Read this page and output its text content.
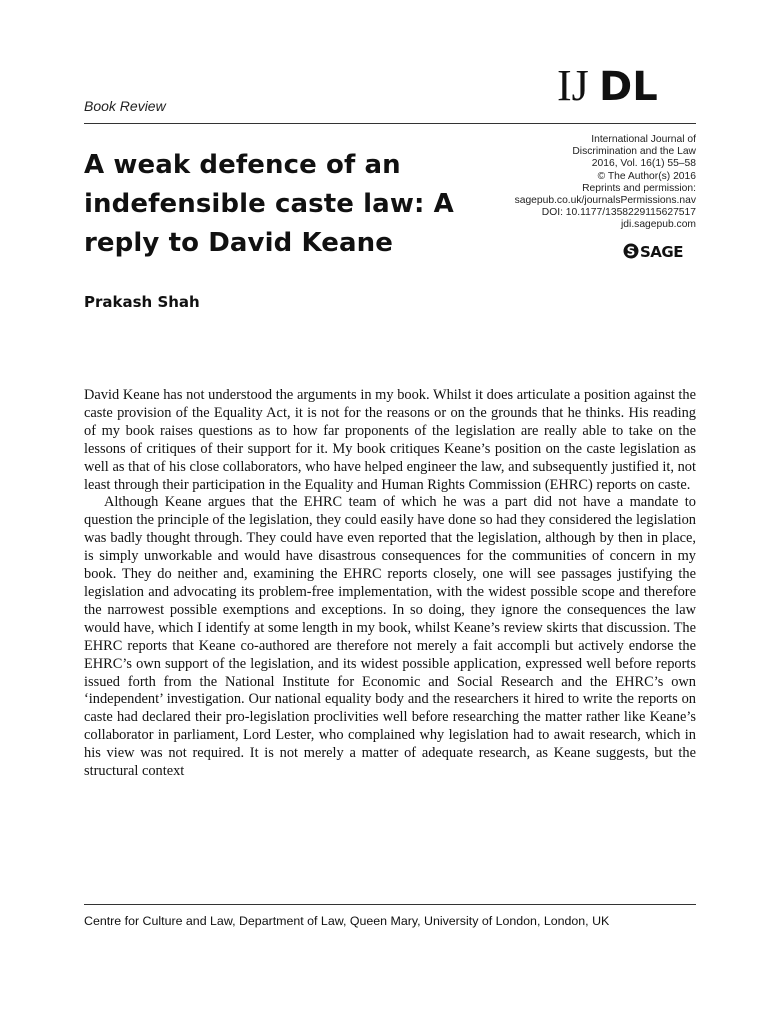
Book Review	IJ DL
A weak defence of an indefensible caste law: A reply to David Keane
International Journal of
Discrimination and the Law
2016, Vol. 16(1) 55–58
© The Author(s) 2016
Reprints and permission:
sagepub.co.uk/journalsPermissions.nav
DOI: 10.1177/1358229115627517
jdi.sagepub.com
S SAGE
Prakash Shah

David Keane has not understood the arguments in my book. Whilst it does articulate a position against the caste provision of the Equality Act, it is not for the reasons or on the grounds that he thinks. His reading of my book raises questions as to how far proponents of the legislation are really able to take on the lessons of critiques of their support for it. My book critiques Keane’s position on the caste legislation as well as that of his close collaborators, who have helped engineer the law, and subsequently justified it, not least through their participation in the Equality and Human Rights Commission (EHRC) reports on caste.

Although Keane argues that the EHRC team of which he was a part did not have a mandate to question the principle of the legislation, they could easily have done so had they considered the legislation was badly thought through. They could have even reported that the legislation, although by then in place, is simply unworkable and would have disastrous consequences for the communities of concern in my book. They do neither and, examining the EHRC reports closely, one will see passages justifying the legislation and advocating its problem-free implementation, with the widest possible scope and therefore the narrowest possible exemptions and exceptions. In so doing, they ignore the consequences the law would have, which I identify at some length in my book, whilst Keane’s review skirts that discussion. The EHRC reports that Keane co-authored are therefore not merely a fait accompli but actively endorse the EHRC’s own support of the legislation, and its widest possible application, expressed well before reports issued forth from the National Institute for Economic and Social Research and the EHRC’s own ‘independent’ investigation. Our national equality body and the researchers it hired to write the reports on caste had declared their pro-legislation proclivities well before researching the matter rather like Keane’s collaborator in parliament, Lord Lester, who complained why legislation had to await research, which in his view was not required. It is not merely a matter of adequate research, as Keane suggests, but the structural context

Centre for Culture and Law, Department of Law, Queen Mary, University of London, London, UK
